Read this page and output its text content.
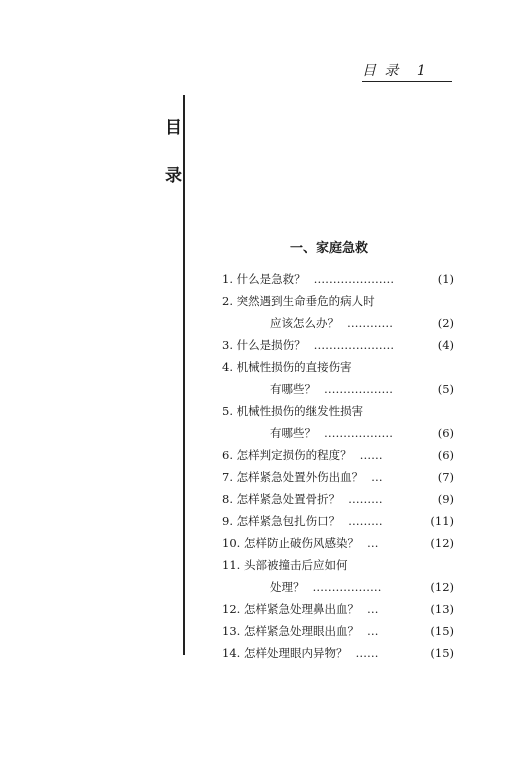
目 录 1
目
录
一、家庭急救
1. 什么是急救？ …………………	(1)
2. 突然遇到生命垂危的病人时
应该怎么办？ …………	(2)
3. 什么是损伤？ …………………	(4)
4. 机械性损伤的直接伤害
有哪些？ ………………	(5)
5. 机械性损伤的继发性损害
有哪些？ ………………	(6)
6. 怎样判定损伤的程度？ ……	(6)
7. 怎样紧急处置外伤出血？ …	(7)
8. 怎样紧急处置骨折？ ………	(9)
9. 怎样紧急包扎伤口？ ………	(11)
10. 怎样防止破伤风感染？ …	(12)
11. 头部被撞击后应如何
处理？ ………………	(12)
12. 怎样紧急处理鼻出血？ …	(13)
13. 怎样紧急处理眼出血？ …	(15)
14. 怎样处理眼内异物？ ……	(15)
